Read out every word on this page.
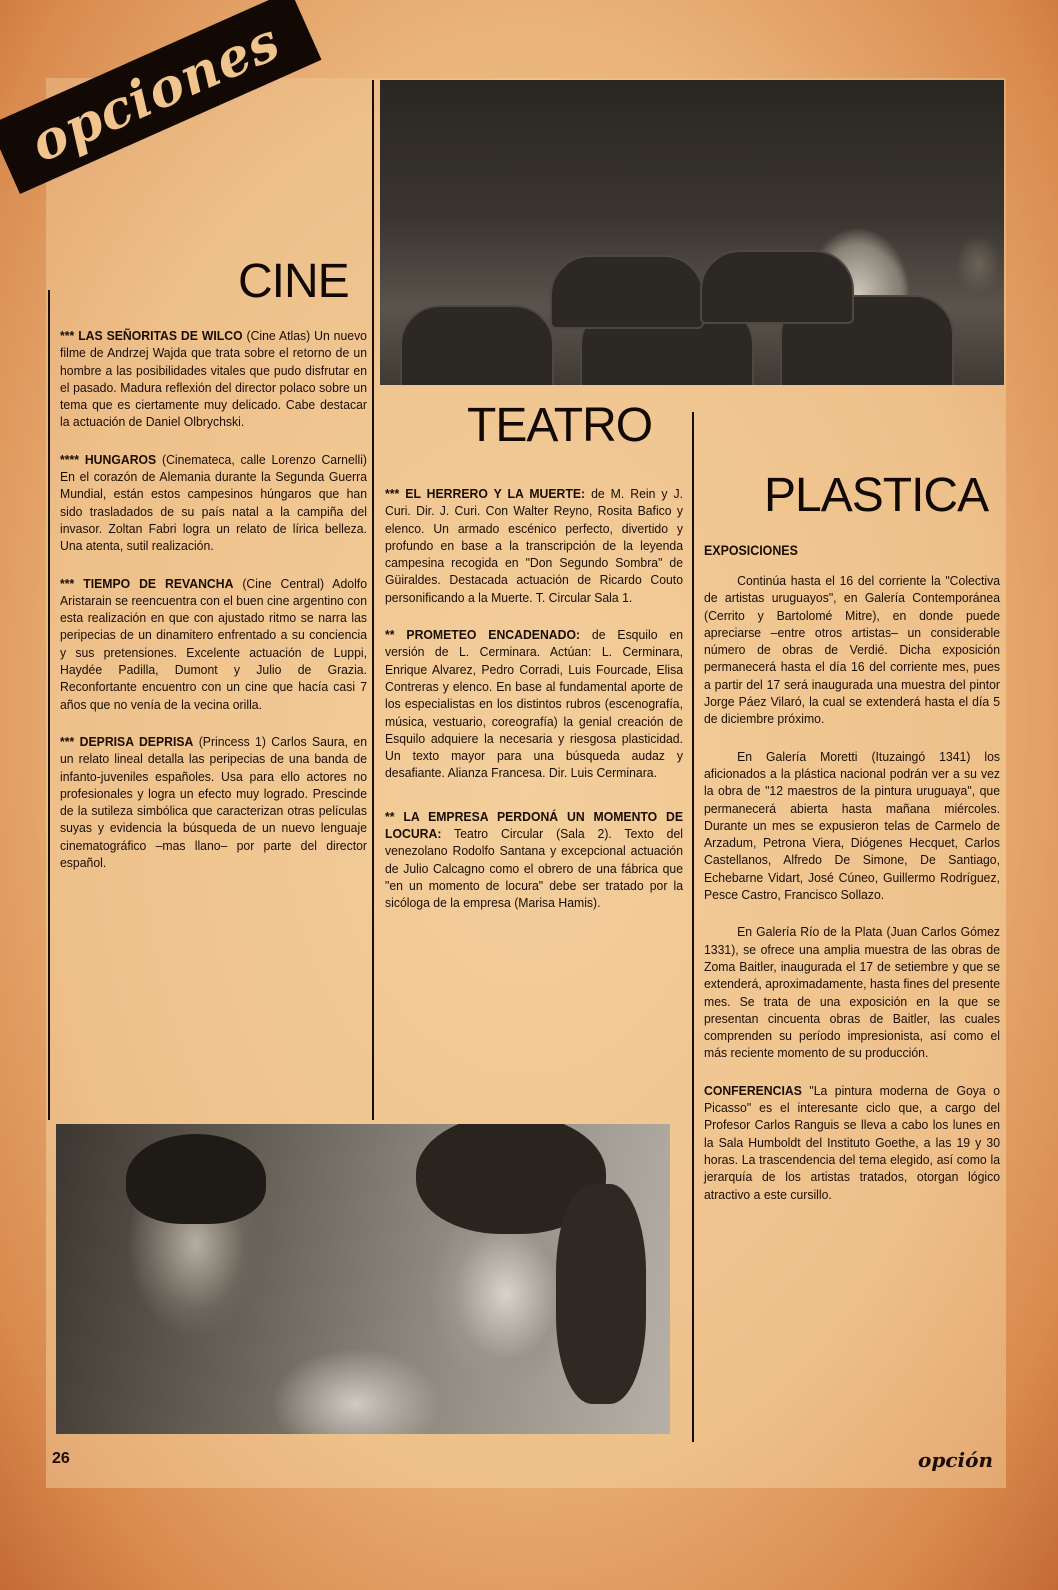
opciones
CINE
TEATRO
PLASTICA

*** LAS SEÑORITAS DE WILCO (Cine Atlas) Un nuevo filme de Andrzej Wajda que trata sobre el retorno de un hombre a las posibilidades vitales que pudo disfrutar en el pasado. Madura reflexión del director polaco sobre un tema que es ciertamente muy delicado. Cabe destacar la actuación de Daniel Olbrychski.

**** HUNGAROS (Cinemateca, calle Lorenzo Carnelli) En el corazón de Alemania durante la Segunda Guerra Mundial, están estos campesinos húngaros que han sido trasladados de su país natal a la campiña del invasor. Zoltan Fabri logra un relato de lírica belleza. Una atenta, sutil realización.

*** TIEMPO DE REVANCHA (Cine Central) Adolfo Aristarain se reencuentra con el buen cine argentino con esta realización en que con ajustado ritmo se narra las peripecias de un dinamitero enfrentado a su conciencia y sus pretensiones. Excelente actuación de Luppi, Haydée Padilla, Dumont y Julio de Grazia. Reconfortante encuentro con un cine que hacía casi 7 años que no venía de la vecina orilla.

*** DEPRISA DEPRISA (Princess 1) Carlos Saura, en un relato lineal detalla las peripecias de una banda de infanto-juveniles españoles. Usa para ello actores no profesionales y logra un efecto muy logrado. Prescinde de la sutileza simbólica que caracterizan otras películas suyas y evidencia la búsqueda de un nuevo lenguaje cinematográfico –mas llano– por parte del director español.

*** EL HERRERO Y LA MUERTE: de M. Rein y J. Curi. Dir. J. Curi. Con Walter Reyno, Rosita Bafico y elenco. Un armado escénico perfecto, divertido y profundo en base a la transcripción de la leyenda campesina recogida en "Don Segundo Sombra" de Güiraldes. Destacada actuación de Ricardo Couto personificando a la Muerte. T. Circular Sala 1.

** PROMETEO ENCADENADO: de Esquilo en versión de L. Cerminara. Actúan: L. Cerminara, Enrique Alvarez, Pedro Corradi, Luis Fourcade, Elisa Contreras y elenco. En base al fundamental aporte de los especialistas en los distintos rubros (escenografía, música, vestuario, coreografía) la genial creación de Esquilo adquiere la necesaria y riesgosa plasticidad. Un texto mayor para una búsqueda audaz y desafiante. Alianza Francesa. Dir. Luis Cerminara.

** LA EMPRESA PERDONÁ UN MOMENTO DE LOCURA: Teatro Circular (Sala 2). Texto del venezolano Rodolfo Santana y excepcional actuación de Julio Calcagno como el obrero de una fábrica que "en un momento de locura" debe ser tratado por la sicóloga de la empresa (Marisa Hamis).

EXPOSICIONES

Continúa hasta el 16 del corriente la "Colectiva de artistas uruguayos", en Galería Contemporánea (Cerrito y Bartolomé Mitre), en donde puede apreciarse –entre otros artistas– un considerable número de obras de Verdié. Dicha exposición permanecerá hasta el día 16 del corriente mes, pues a partir del 17 será inaugurada una muestra del pintor Jorge Páez Vilaró, la cual se extenderá hasta el día 5 de diciembre próximo.

En Galería Moretti (Ituzaingó 1341) los aficionados a la plástica nacional podrán ver a su vez la obra de "12 maestros de la pintura uruguaya", que permanecerá abierta hasta mañana miércoles. Durante un mes se expusieron telas de Carmelo de Arzadum, Petrona Viera, Diógenes Hecquet, Carlos Castellanos, Alfredo De Simone, De Santiago, Echebarne Vidart, José Cúneo, Guillermo Rodríguez, Pesce Castro, Francisco Sollazo.

En Galería Río de la Plata (Juan Carlos Gómez 1331), se ofrece una amplia muestra de las obras de Zoma Baitler, inaugurada el 17 de setiembre y que se extenderá, aproximadamente, hasta fines del presente mes. Se trata de una exposición en la que se presentan cincuenta obras de Baitler, las cuales comprenden su período impresionista, así como el más reciente momento de su producción.

CONFERENCIAS "La pintura moderna de Goya o Picasso" es el interesante ciclo que, a cargo del Profesor Carlos Ranguis se lleva a cabo los lunes en la Sala Humboldt del Instituto Goethe, a las 19 y 30 horas. La trascendencia del tema elegido, así como la jerarquía de los artistas tratados, otorgan lógico atractivo a este cursillo.

26	opción
